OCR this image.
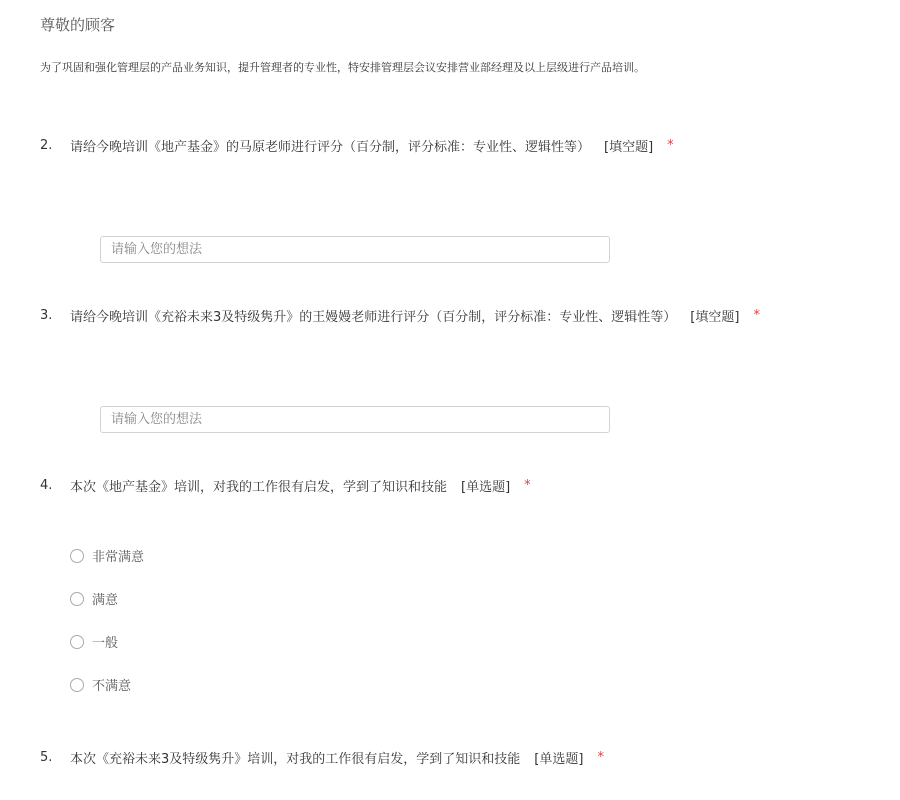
尊敬的顾客
为了巩固和强化管理层的产品业务知识，提升管理者的专业性，特安排管理层会议安排营业部经理及以上层级进行产品培训。
2.	请给今晚培训《地产基金》的马原老师进行评分（百分制，评分标准：专业性、逻辑性等） [填空题] *
请输入您的想法
3.	请给今晚培训《充裕未来3及特级隽升》的王嫚嫚老师进行评分（百分制，评分标准：专业性、逻辑性等） [填空题] *
请输入您的想法
4.	本次《地产基金》培训，对我的工作很有启发，学到了知识和技能 [单选题] *
非常满意
满意
一般
不满意
5.	本次《充裕未来3及特级隽升》培训，对我的工作很有启发，学到了知识和技能 [单选题] *
